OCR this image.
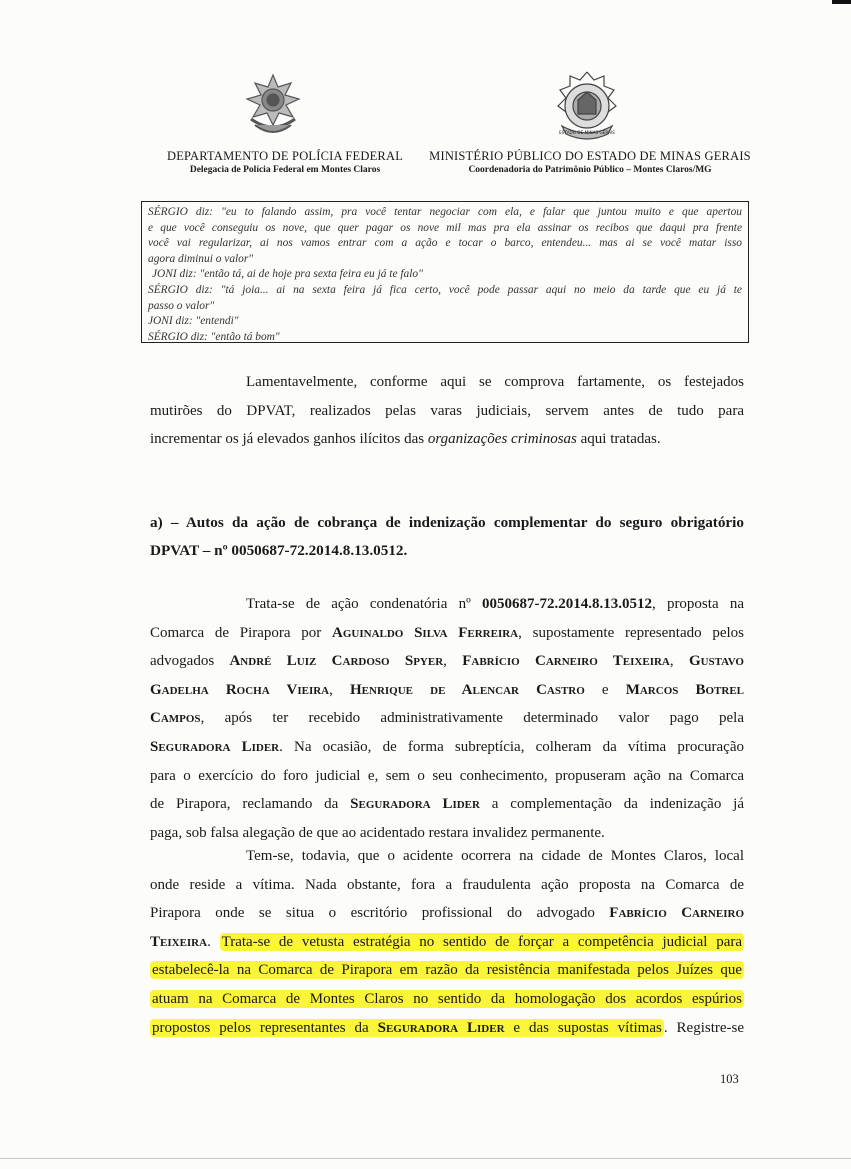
ESTADO DE MINAS GERAIS
DEPARTAMENTO DE POLÍCIA FEDERAL
Delegacia de Polícia Federal em Montes Claros
MINISTÉRIO PÚBLICO DO ESTADO DE MINAS GERAIS
Coordenadoria do Patrimônio Público – Montes Claros/MG
SÉRGIO diz: "eu to falando assim, pra você tentar negociar com ela, e falar que juntou muito e que apertou
e que você conseguiu os nove, que quer pagar os nove mil mas pra ela assinar os recibos que daqui pra frente
você vai regularizar, ai nos vamos entrar com a ação e tocar o barco, entendeu... mas ai se você matar isso
agora diminui o valor"
JONI diz: "então tá, ai de hoje pra sexta feira eu já te falo"
SÉRGIO diz: "tá joia... ai na sexta feira já fica certo, você pode passar aqui no meio da tarde que eu já te
passo o valor"
JONI diz: "entendi"
SÉRGIO diz: "então tá bom"
Lamentavelmente, conforme aqui se comprova fartamente, os festejados
mutirões do DPVAT, realizados pelas varas judiciais, servem antes de tudo para
incrementar os já elevados ganhos ilícitos das organizações criminosas aqui tratadas.
a) – Autos da ação de cobrança de indenização complementar do seguro obrigatório
DPVAT – nº 0050687-72.2014.8.13.0512.
Trata-se de ação condenatória nº 0050687-72.2014.8.13.0512, proposta na
Comarca de Pirapora por Aguinaldo Silva Ferreira, supostamente representado pelos
advogados André Luiz Cardoso Spyer, Fabrício Carneiro Teixeira, Gustavo
Gadelha Rocha Vieira, Henrique de Alencar Castro e Marcos Botrel
Campos, após ter recebido administrativamente determinado valor pago pela
Seguradora Lider. Na ocasião, de forma subreptícia, colheram da vítima procuração
para o exercício do foro judicial e, sem o seu conhecimento, propuseram ação na Comarca
de Pirapora, reclamando da Seguradora Lider a complementação da indenização já
paga, sob falsa alegação de que ao acidentado restara invalidez permanente.
Tem-se, todavia, que o acidente ocorrera na cidade de Montes Claros, local
onde reside a vítima. Nada obstante, fora a fraudulenta ação proposta na Comarca de
Pirapora onde se situa o escritório profissional do advogado Fabrício Carneiro
Teixeira. Trata-se de vetusta estratégia no sentido de forçar a competência judicial para
estabelecê-la na Comarca de Pirapora em razão da resistência manifestada pelos Juízes que
atuam na Comarca de Montes Claros no sentido da homologação dos acordos espúrios
propostos pelos representantes da Seguradora Lider e das supostas vítimas . Registre-se
103
